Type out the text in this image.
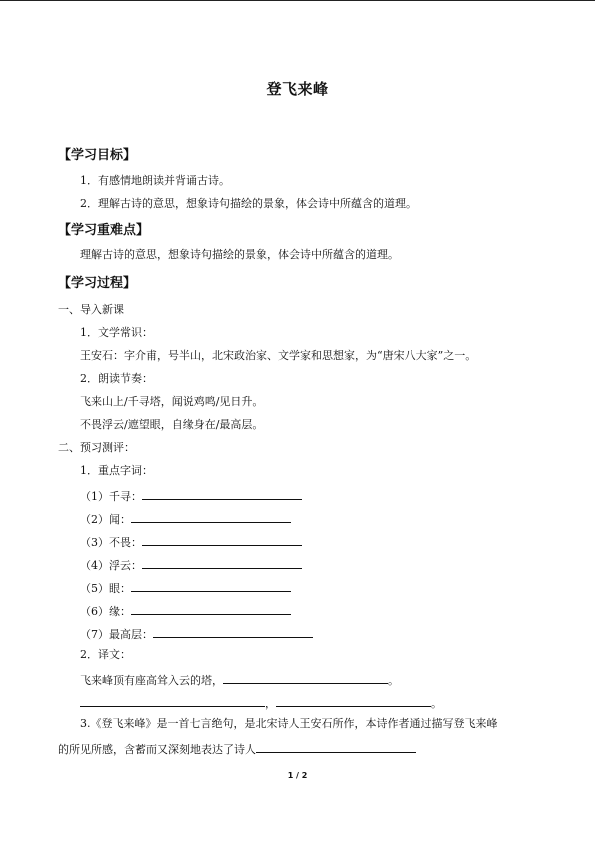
登飞来峰
【学习目标】
1．有感情地朗读并背诵古诗。
2．理解古诗的意思，想象诗句描绘的景象，体会诗中所蕴含的道理。
【学习重难点】
理解古诗的意思，想象诗句描绘的景象，体会诗中所蕴含的道理。
【学习过程】
一、导入新课
1．文学常识：
王安石：字介甫，号半山，北宋政治家、文学家和思想家，为“唐宋八大家”之一。
2．朗读节奏：
飞来山上/千寻塔，闻说鸡鸣/见日升。
不畏浮云/遮望眼，自缘身在/最高层。
二、预习测评：
1．重点字词：
（1）千寻：
（2）闻：
（3）不畏：
（4）浮云：
（5）眼：
（6）缘：
（7）最高层：
2．译文：
飞来峰顶有座高耸入云的塔，	。
，	。
3.《登飞来峰》是一首七言绝句，是北宋诗人王安石所作，本诗作者通过描写登飞来峰
的所见所感，含蓄而又深刻地表达了诗人
1 / 2
